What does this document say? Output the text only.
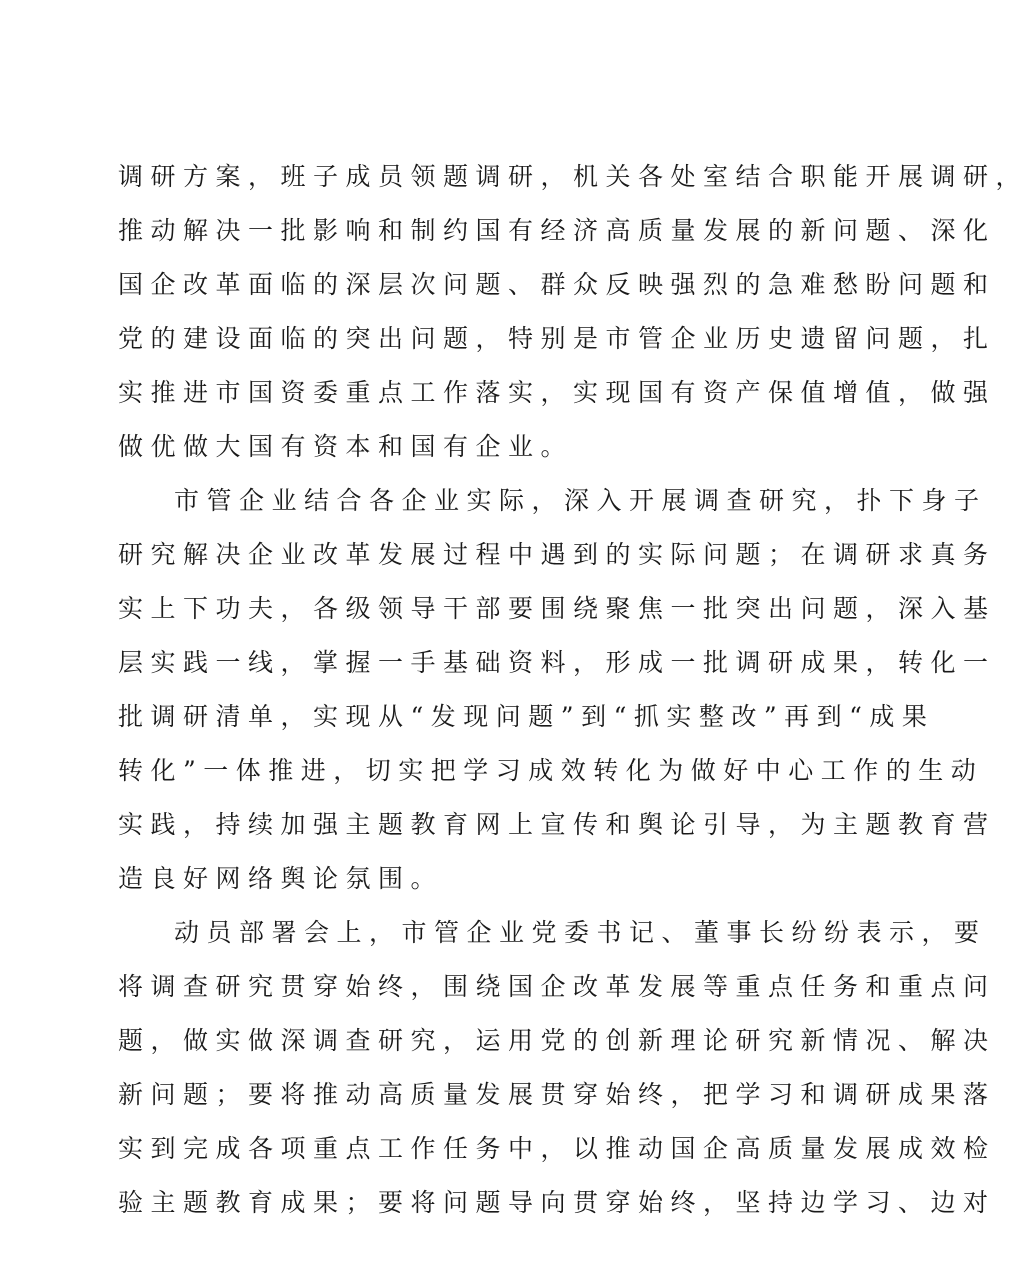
调研方案，班子成员领题调研，机关各处室结合职能开展调研，
推动解决一批影响和制约国有经济高质量发展的新问题、深化
国企改革面临的深层次问题、群众反映强烈的急难愁盼问题和
党的建设面临的突出问题，特别是市管企业历史遗留问题，扎
实推进市国资委重点工作落实，实现国有资产保值增值，做强
做优做大国有资本和国有企业。
市管企业结合各企业实际，深入开展调查研究，扑下身子
研究解决企业改革发展过程中遇到的实际问题；在调研求真务
实上下功夫，各级领导干部要围绕聚焦一批突出问题，深入基
层实践一线，掌握一手基础资料，形成一批调研成果，转化一
批调研清单，实现从“发现问题”到“抓实整改”再到“成果
转化”一体推进，切实把学习成效转化为做好中心工作的生动
实践，持续加强主题教育网上宣传和舆论引导，为主题教育营
造良好网络舆论氛围。
动员部署会上，市管企业党委书记、董事长纷纷表示，要
将调查研究贯穿始终，围绕国企改革发展等重点任务和重点问
题，做实做深调查研究，运用党的创新理论研究新情况、解决
新问题；要将推动高质量发展贯穿始终，把学习和调研成果落
实到完成各项重点工作任务中，以推动国企高质量发展成效检
验主题教育成果；要将问题导向贯穿始终，坚持边学习、边对
